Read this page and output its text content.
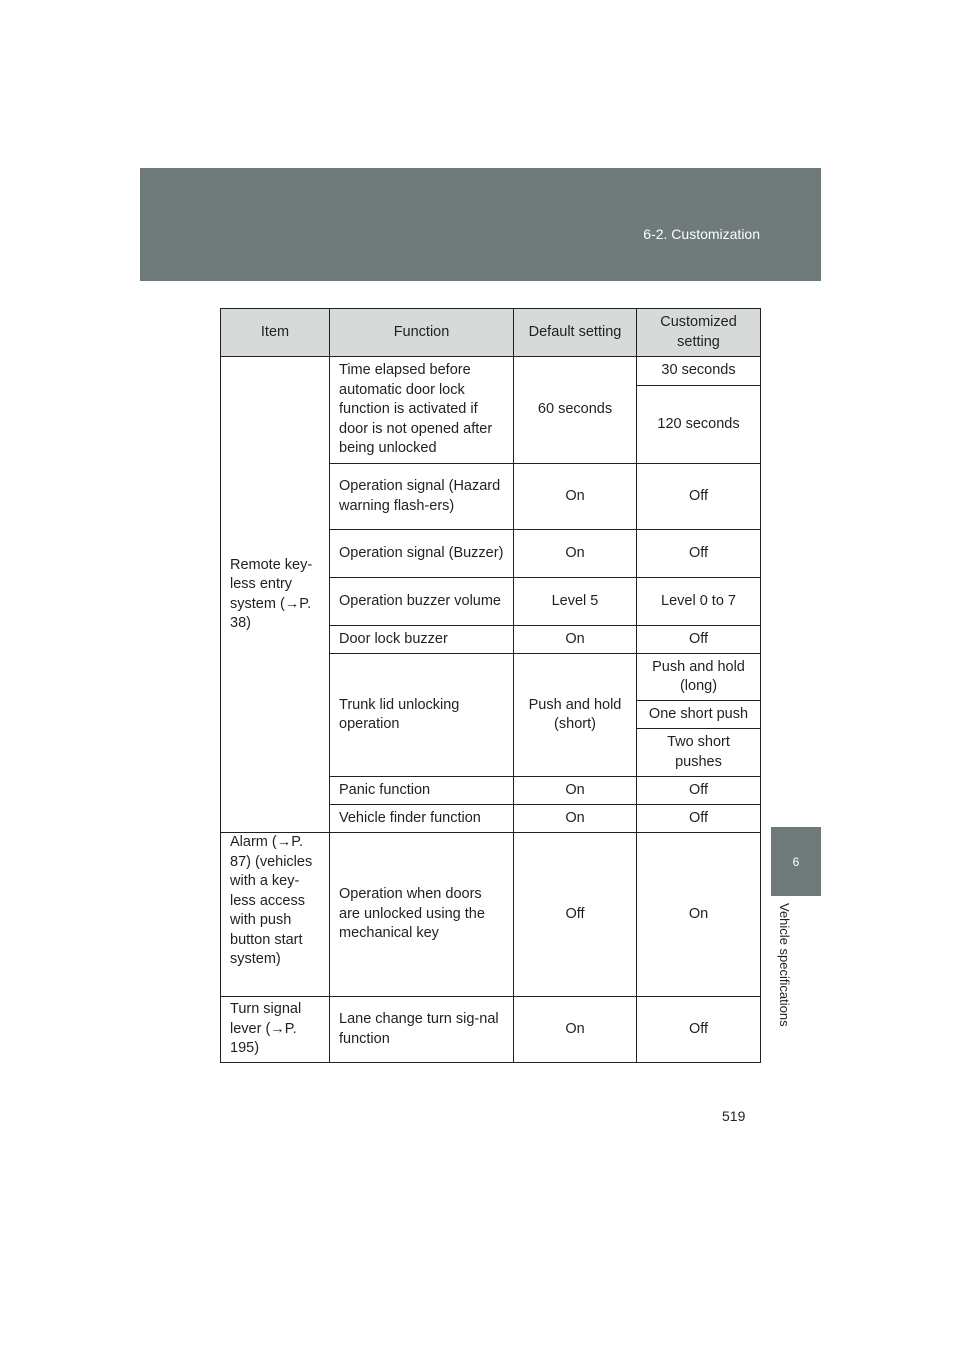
6-2. Customization
6
Vehicle specifications
Item	Function	Default setting	Customized setting
Remote key-less entry system (→P. 38)	Time elapsed before automatic door lock function is activated if door is not opened after being unlocked	60 seconds	30 seconds
			120 seconds
	Operation signal (Hazard warning flash-ers)	On	Off
	Operation signal (Buzzer)	On	Off
	Operation buzzer volume	Level 5	Level 0 to 7
	Door lock buzzer	On	Off
	Trunk lid unlocking operation	Push and hold (short)	Push and hold (long)
			One short push
			Two short pushes
	Panic function	On	Off
	Vehicle finder function	On	Off

Alarm (→P. 87) (vehicles with a key-less access with push button start system)	Operation when doors are unlocked using the mechanical key	Off	On
Turn signal lever (→P. 195)	Lane change turn sig-nal function	On	Off
519
